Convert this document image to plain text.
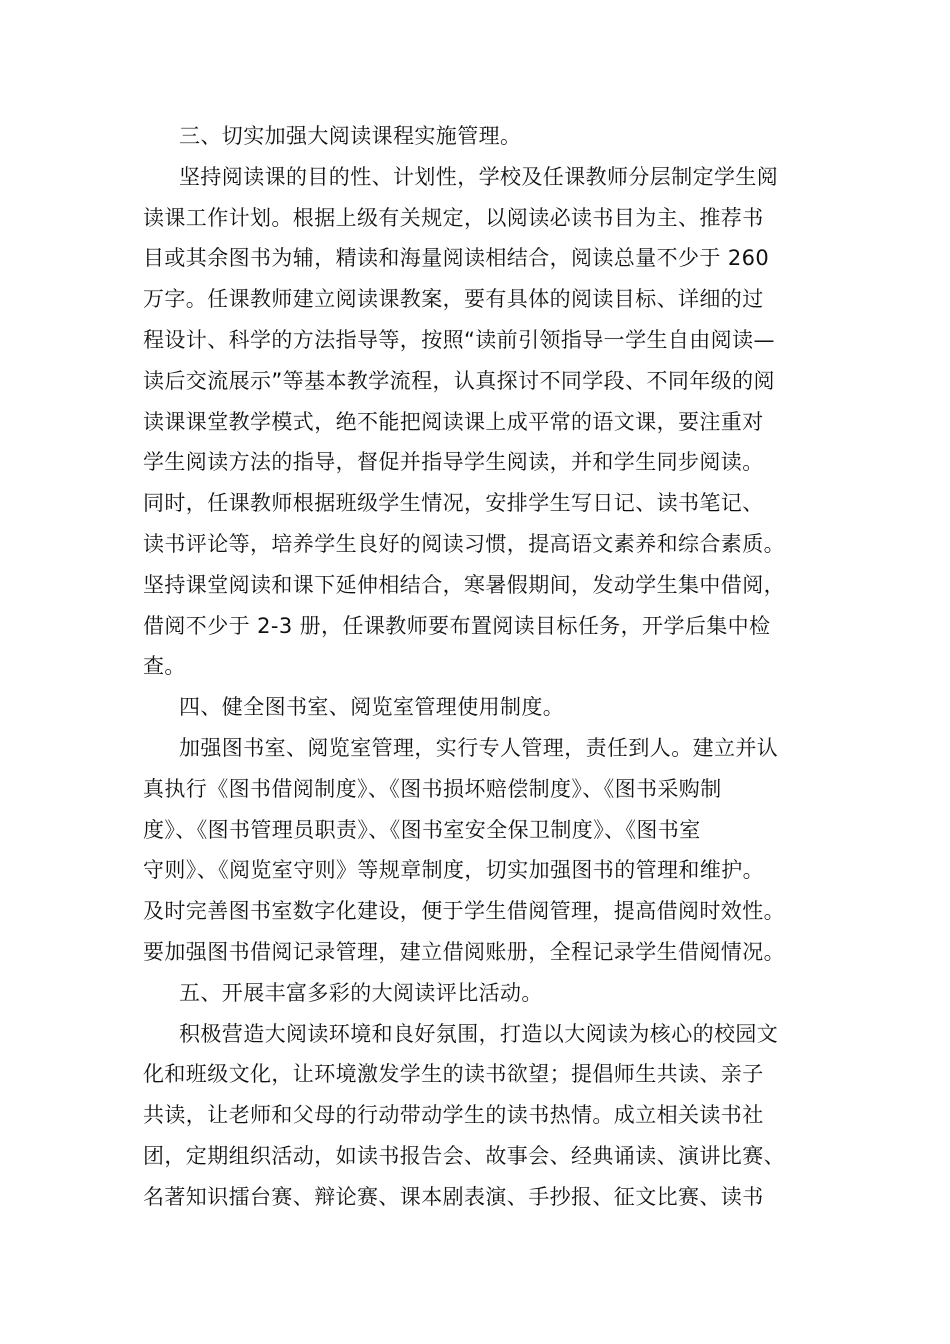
三、切实加强大阅读课程实施管理。
坚持阅读课的目的性、计划性，学校及任课教师分层制定学生阅
读课工作计划。根据上级有关规定，以阅读必读书目为主、推荐书
目或其余图书为辅，精读和海量阅读相结合，阅读总量不少于 260
万字。任课教师建立阅读课教案，要有具体的阅读目标、详细的过
程设计、科学的方法指导等，按照“读前引领指导一学生自由阅读—
读后交流展示”等基本教学流程，认真探讨不同学段、不同年级的阅
读课课堂教学模式，绝不能把阅读课上成平常的语文课，要注重对
学生阅读方法的指导，督促并指导学生阅读，并和学生同步阅读。
同时，任课教师根据班级学生情况，安排学生写日记、读书笔记、
读书评论等，培养学生良好的阅读习惯，提高语文素养和综合素质。
坚持课堂阅读和课下延伸相结合，寒暑假期间，发动学生集中借阅，
借阅不少于 2-3 册，任课教师要布置阅读目标任务，开学后集中检
查。
四、健全图书室、阅览室管理使用制度。
加强图书室、阅览室管理，实行专人管理，责任到人。建立并认
真执行《图书借阅制度》、《图书损坏赔偿制度》、《图书采购制
度》、《图书管理员职责》、《图书室安全保卫制度》、《图书室
守则》、《阅览室守则》等规章制度，切实加强图书的管理和维护。
及时完善图书室数字化建设，便于学生借阅管理，提高借阅时效性。
要加强图书借阅记录管理，建立借阅账册，全程记录学生借阅情况。
五、开展丰富多彩的大阅读评比活动。
积极营造大阅读环境和良好氛围，打造以大阅读为核心的校园文
化和班级文化，让环境激发学生的读书欲望；提倡师生共读、亲子
共读，让老师和父母的行动带动学生的读书热情。成立相关读书社
团，定期组织活动，如读书报告会、故事会、经典诵读、演讲比赛、
名著知识擂台赛、辩论赛、课本剧表演、手抄报、征文比赛、读书
